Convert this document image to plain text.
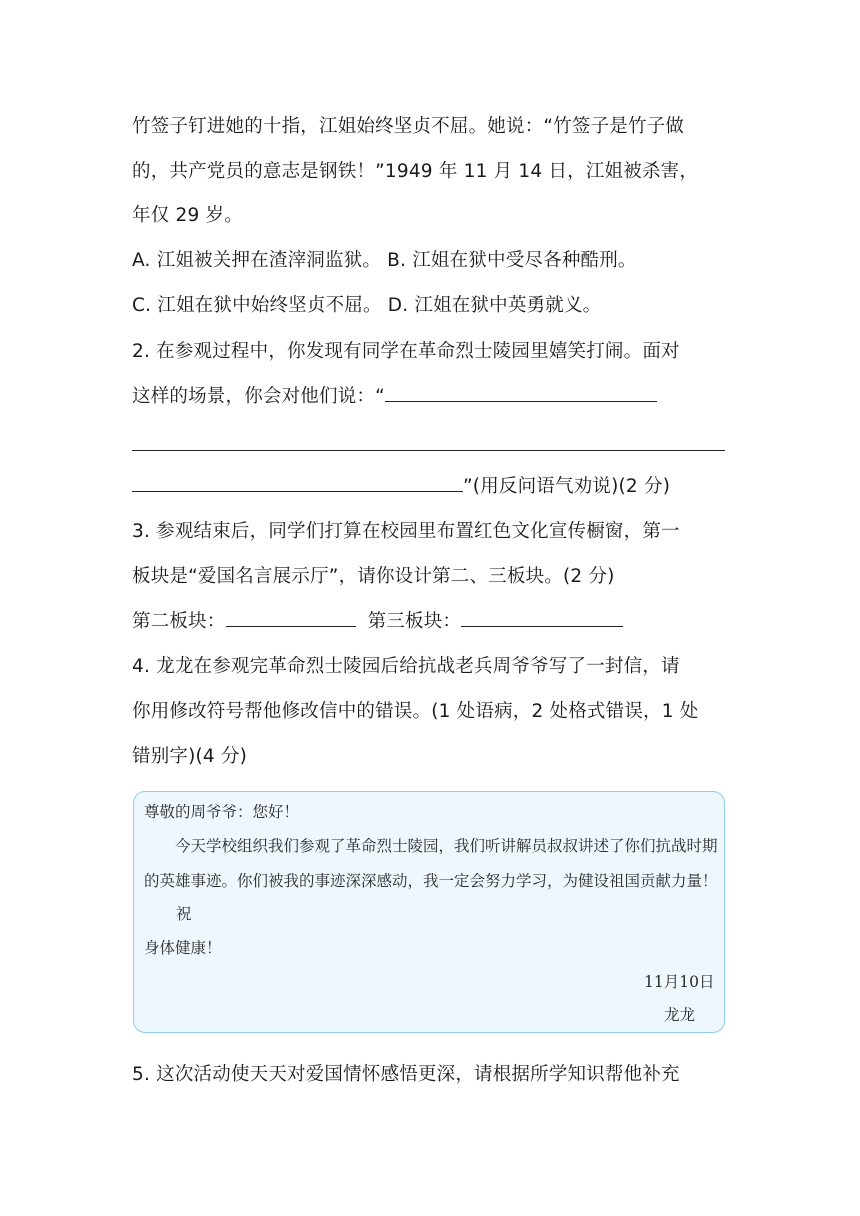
竹签子钉进她的十指，江姐始终坚贞不屈。她说：“竹签子是竹子做
的，共产党员的意志是钢铁！”1949 年 11 月 14 日，江姐被杀害，
年仅 29 岁。
A. 江姐被关押在渣滓洞监狱。 B. 江姐在狱中受尽各种酷刑。
C. 江姐在狱中始终坚贞不屈。 D. 江姐在狱中英勇就义。
2. 在参观过程中，你发现有同学在革命烈士陵园里嬉笑打闹。面对
这样的场景，你会对他们说：“
”(用反问语气劝说)(2 分)
3. 参观结束后，同学们打算在校园里布置红色文化宣传橱窗，第一
板块是“爱国名言展示厅”，请你设计第二、三板块。(2 分)
第二板块：	第三板块：
4. 龙龙在参观完革命烈士陵园后给抗战老兵周爷爷写了一封信，请
你用修改符号帮他修改信中的错误。(1 处语病，2 处格式错误，1 处
错别字)(4 分)
尊敬的周爷爷：您好！
今天学校组织我们参观了革命烈士陵园，我们听讲解员叔叔讲述了你们抗战时期
的英雄事迹。你们被我的事迹深深感动，我一定会努力学习，为健设祖国贡献力量！
祝
身体健康！
11月10日
龙龙
5. 这次活动使天天对爱国情怀感悟更深，请根据所学知识帮他补充
